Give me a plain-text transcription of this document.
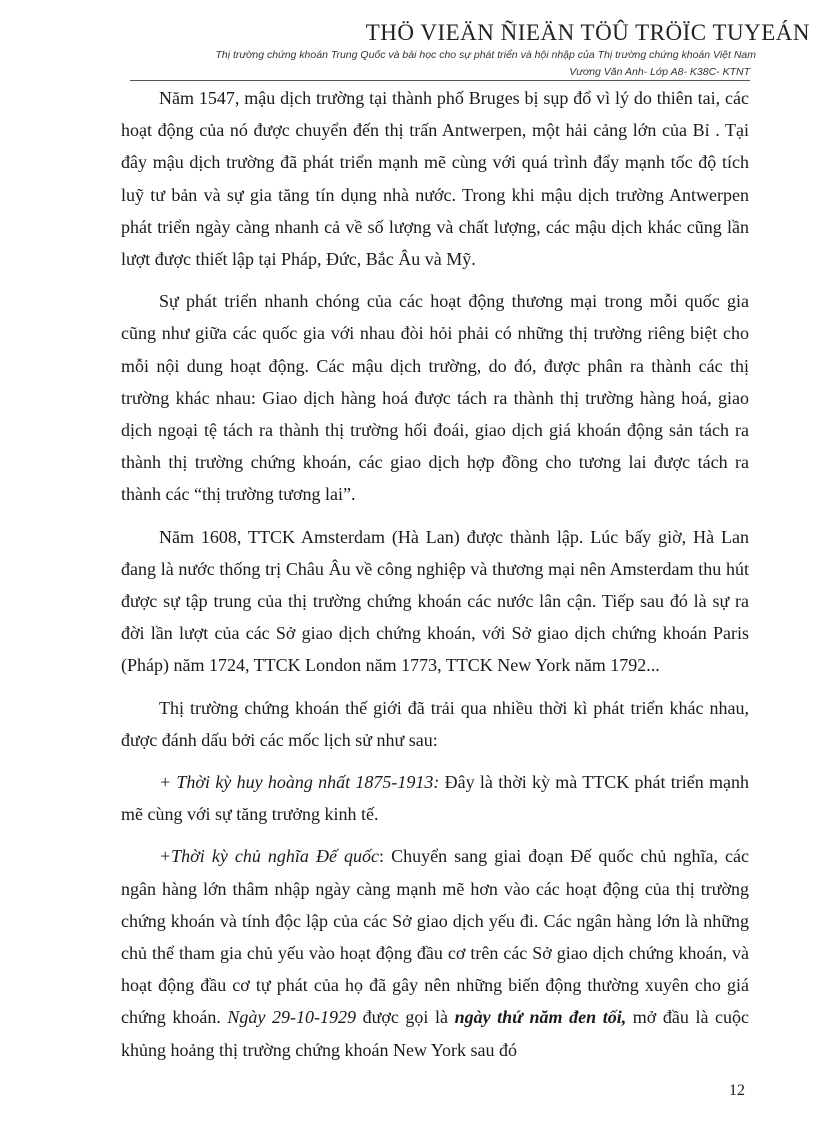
THÖ VIEÄN ÑIEÄN TÖÛ TRÖÏC TUYEÁN
Thị trường chứng khoán Trung Quốc và bài học cho sự phát triển và hội nhập của Thị trường chứng khoán Việt Nam
Vương Văn Anh- Lớp A8- K38C- KTNT

Năm 1547, mậu dịch trường tại thành phố Bruges bị sụp đổ vì lý do thiên tai, các hoạt động của nó được chuyển đến thị trấn Antwerpen, một hải cảng lớn của Bỉ . Tại đây mậu dịch trường đã phát triển mạnh mẽ cùng với quá trình đẩy mạnh tốc độ tích luỹ tư bản và sự gia tăng tín dụng nhà nước. Trong khi mậu dịch trường Antwerpen phát triển ngày càng nhanh cả về số lượng và chất lượng, các mậu dịch khác cũng lần lượt được thiết lập tại Pháp, Đức, Bắc Âu và Mỹ.

Sự phát triển nhanh chóng của các hoạt động thương mại trong mỗi quốc gia cũng như giữa các quốc gia với nhau đòi hỏi phải có những thị trường riêng biệt cho mỗi nội dung hoạt động. Các mậu dịch trường, do đó, được phân ra thành các thị trường khác nhau: Giao dịch hàng hoá được tách ra thành thị trường hàng hoá, giao dịch ngoại tệ tách ra thành thị trường hối đoái, giao dịch giá khoán động sản tách ra thành thị trường chứng khoán, các giao dịch hợp đồng cho tương lai được tách ra thành các “thị trường tương lai”.

Năm 1608, TTCK Amsterdam (Hà Lan) được thành lập. Lúc bấy giờ, Hà Lan đang là nước thống trị Châu Âu về công nghiệp và thương mại nên Amsterdam thu hút được sự tập trung của thị trường chứng khoán các nước lân cận. Tiếp sau đó là sự ra đời lần lượt của các Sở giao dịch chứng khoán, với Sở giao dịch chứng khoán Paris (Pháp) năm 1724, TTCK London năm 1773, TTCK New York năm 1792...

Thị trường chứng khoán thế giới đã trải qua nhiều thời kì phát triển khác nhau, được đánh dấu bởi các mốc lịch sử như sau:

+ Thời kỳ huy hoàng nhất 1875-1913: Đây là thời kỳ mà TTCK phát triển mạnh mẽ cùng với sự tăng trưởng kinh tế.

+Thời kỳ chủ nghĩa Đế quốc: Chuyển sang giai đoạn Đế quốc chủ nghĩa, các ngân hàng lớn thâm nhập ngày càng mạnh mẽ hơn vào các hoạt động của thị trường chứng khoán và tính độc lập của các Sở giao dịch yếu đi. Các ngân hàng lớn là những chủ thể tham gia chủ yếu vào hoạt động đầu cơ trên các Sở giao dịch chứng khoán, và hoạt động đầu cơ tự phát của họ đã gây nên những biến động thường xuyên cho giá chứng khoán. Ngày 29-10-1929 được gọi là ngày thứ năm đen tối, mở đầu là cuộc khủng hoảng thị trường chứng khoán New York sau đó

12
